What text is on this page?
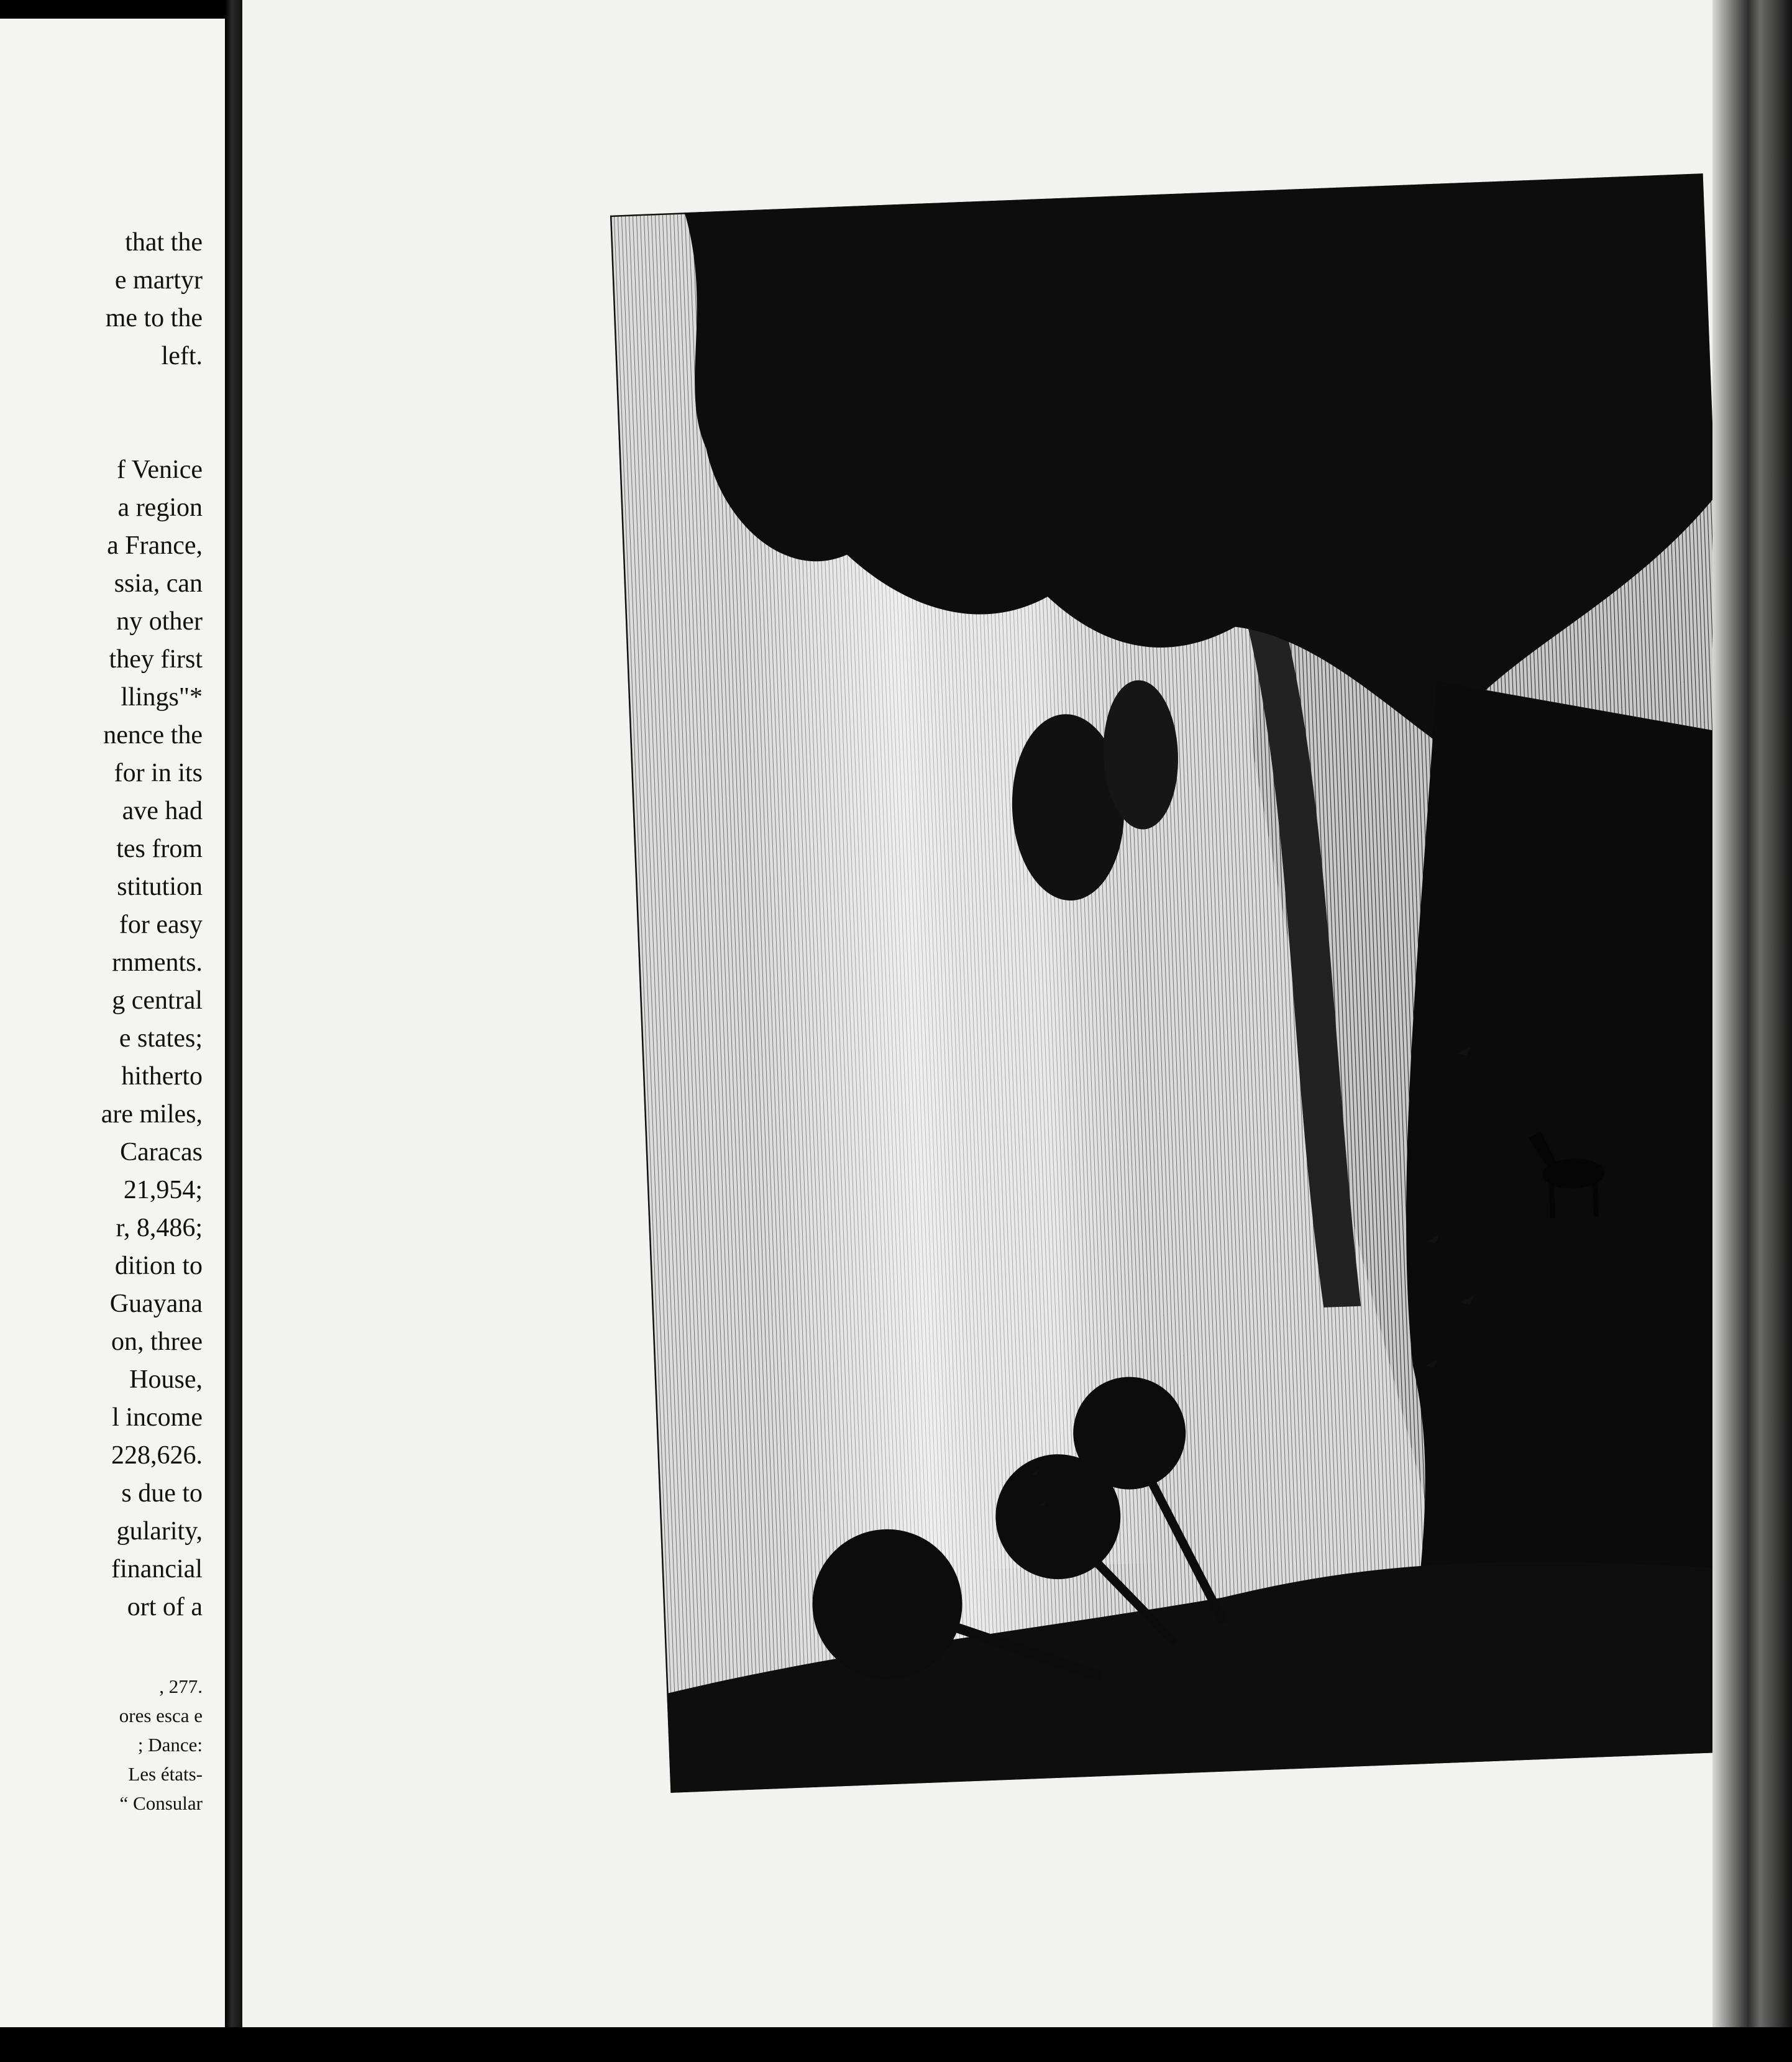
that the
e martyr
me to the
left.
f Venice
a region
a France,
ssia, can
ny other
they first
llings"*
nence the
for in its
ave had
tes from
stitution
for easy
rnments.
g central
e states;
hitherto
are miles,
Caracas
21,954;
r, 8,486;
dition to
Guayana
on, three
House,
l income
228,626.
s due to
gularity,
financial
ort of a
, 277.
ores esca e
; Dance:
Les états-
“ Consular
